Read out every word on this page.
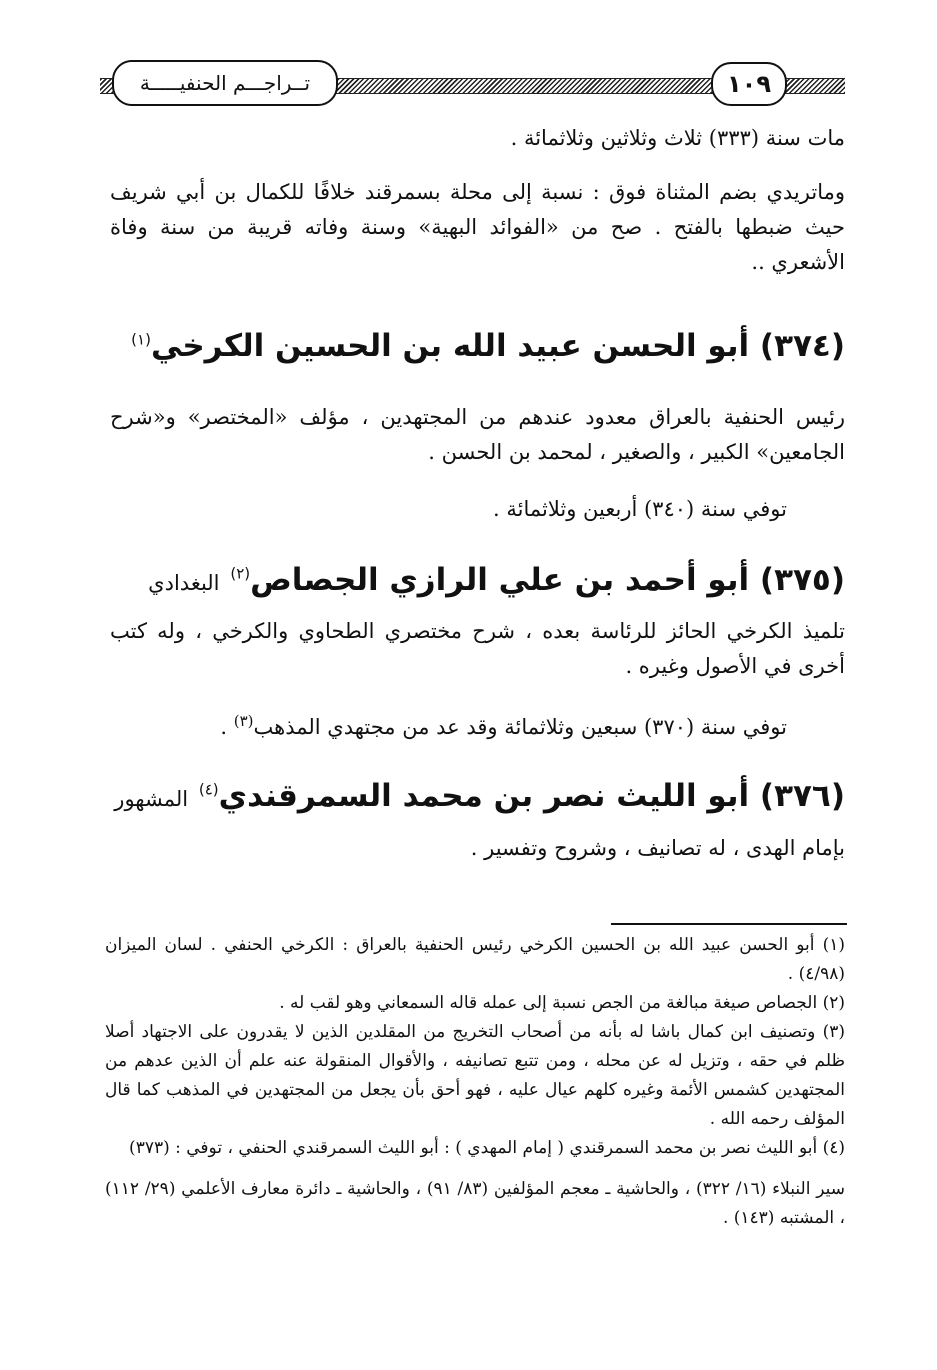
١٠٩
تــراجـــم الحنفيـــــة
مات سنة (٣٣٣) ثلاث وثلاثين وثلاثمائة .
وماتريدي بضم المثناة فوق : نسبة إلى محلة بسمرقند خلافًا للكمال بن أبي شريف حيث ضبطها بالفتح . صح من «الفوائد البهية» وسنة وفاته قريبة من سنة وفاة الأشعري ..
(٣٧٤) أبو الحسن عبيد الله بن الحسين الكرخي$^{(١)}$
رئيس الحنفية بالعراق معدود عندهم من المجتهدين ، مؤلف «المختصر» و«شرح الجامعين» الكبير ، والصغير ، لمحمد بن الحسن .
توفي سنة (٣٤٠) أربعين وثلاثمائة .
(٣٧٥) أبو أحمد بن علي الرازي الجصاص$^{(٢)}$ البغدادي
تلميذ الكرخي الحائز للرئاسة بعده ، شرح مختصري الطحاوي والكرخي ، وله كتب أخرى في الأصول وغيره .
توفي سنة (٣٧٠) سبعين وثلاثمائة وقد عد من مجتهدي المذهب$^{(٣)}$ .
(٣٧٦) أبو الليث نصر بن محمد السمرقندي$^{(٤)}$ المشهور
بإمام الهدى ، له تصانيف ، وشروح وتفسير .

(١) أبو الحسن عبيد الله بن الحسين الكرخي رئيس الحنفية بالعراق : الكرخي الحنفي . لسان الميزان (٤/٩٨) .

(٢) الجصاص صيغة مبالغة من الجص نسبة إلى عمله قاله السمعاني وهو لقب له .

(٣) وتصنيف ابن كمال باشا له بأنه من أصحاب التخريج من المقلدين الذين لا يقدرون على الاجتهاد أصلا ظلم في حقه ، وتزيل له عن محله ، ومن تتبع تصانيفه ، والأقوال المنقولة عنه علم أن الذين عدهم من المجتهدين كشمس الأئمة وغيره كلهم عيال عليه ، فهو أحق بأن يجعل من المجتهدين في المذهب كما قال المؤلف رحمه الله .

(٤) أبو الليث نصر بن محمد السمرقندي ( إمام المهدي ) : أبو الليث السمرقندي الحنفي ، توفي : (٣٧٣)

سير النبلاء (١٦/ ٣٢٢) ، والحاشية ـ معجم المؤلفين (٨٣/ ٩١) ، والحاشية ـ دائرة معارف الأعلمي (٢٩/ ١١٢) ، المشتبه (١٤٣) .
